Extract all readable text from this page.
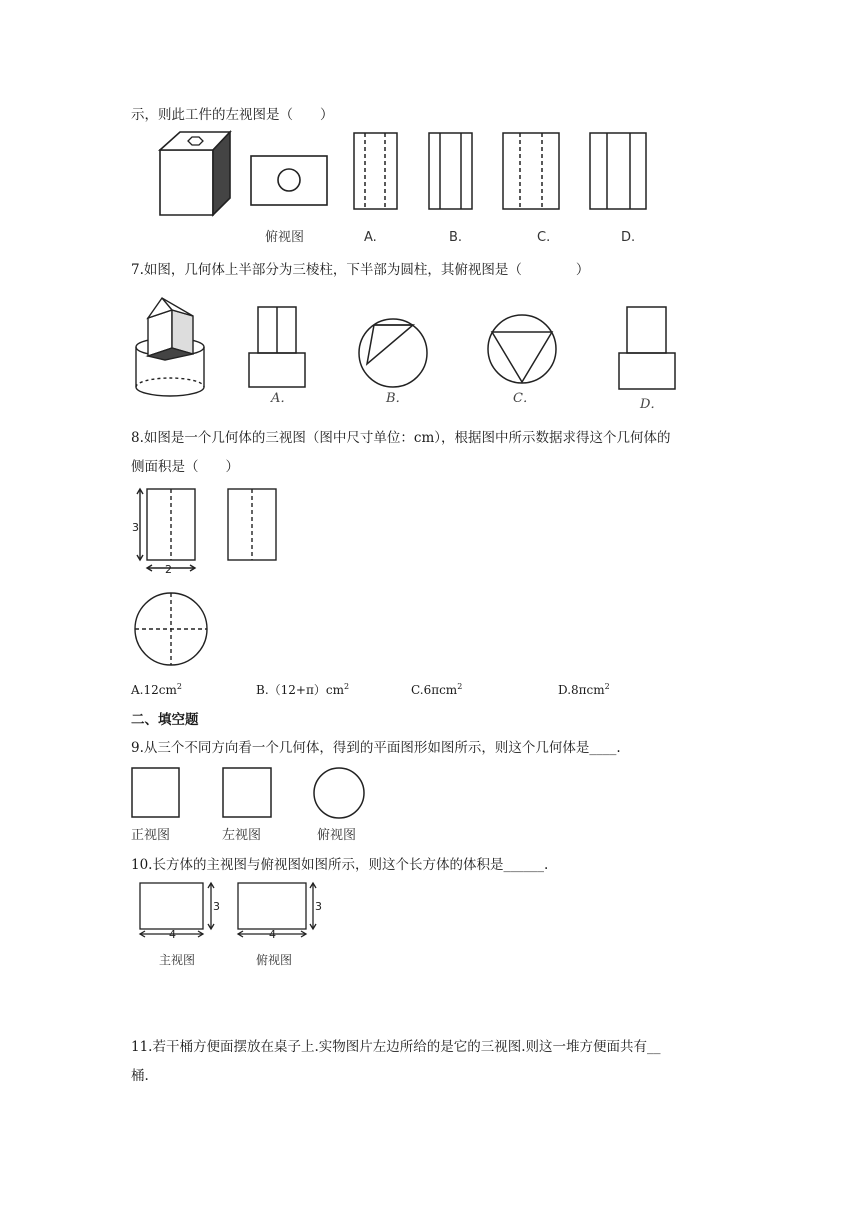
示，则此工件的左视图是（　　）
俯视图	A.	B.	C.	D.
7.如图，几何体上半部分为三棱柱，下半部为圆柱，其俯视图是（　　　　）
A．	B．	C．	D．
8.如图是一个几何体的三视图（图中尺寸单位：cm），根据图中所示数据求得这个几何体的
侧面积是（　　）
3
2
$A.12cm^2$	$B.(12+\pi)cm^2$	C.6πcm$^2$	D.8πcm$^2$
二、填空题
9.从三个不同方向看一个几何体，得到的平面图形如图所示，则这个几何体是____.
正视图	左视图	俯视图
10.长方体的主视图与俯视图如图所示，则这个长方体的体积是______.
4
3
4
3
主视图	俯视图
11.若干桶方便面摆放在桌子上.实物图片左边所给的是它的三视图.则这一堆方便面共有__
桶.
